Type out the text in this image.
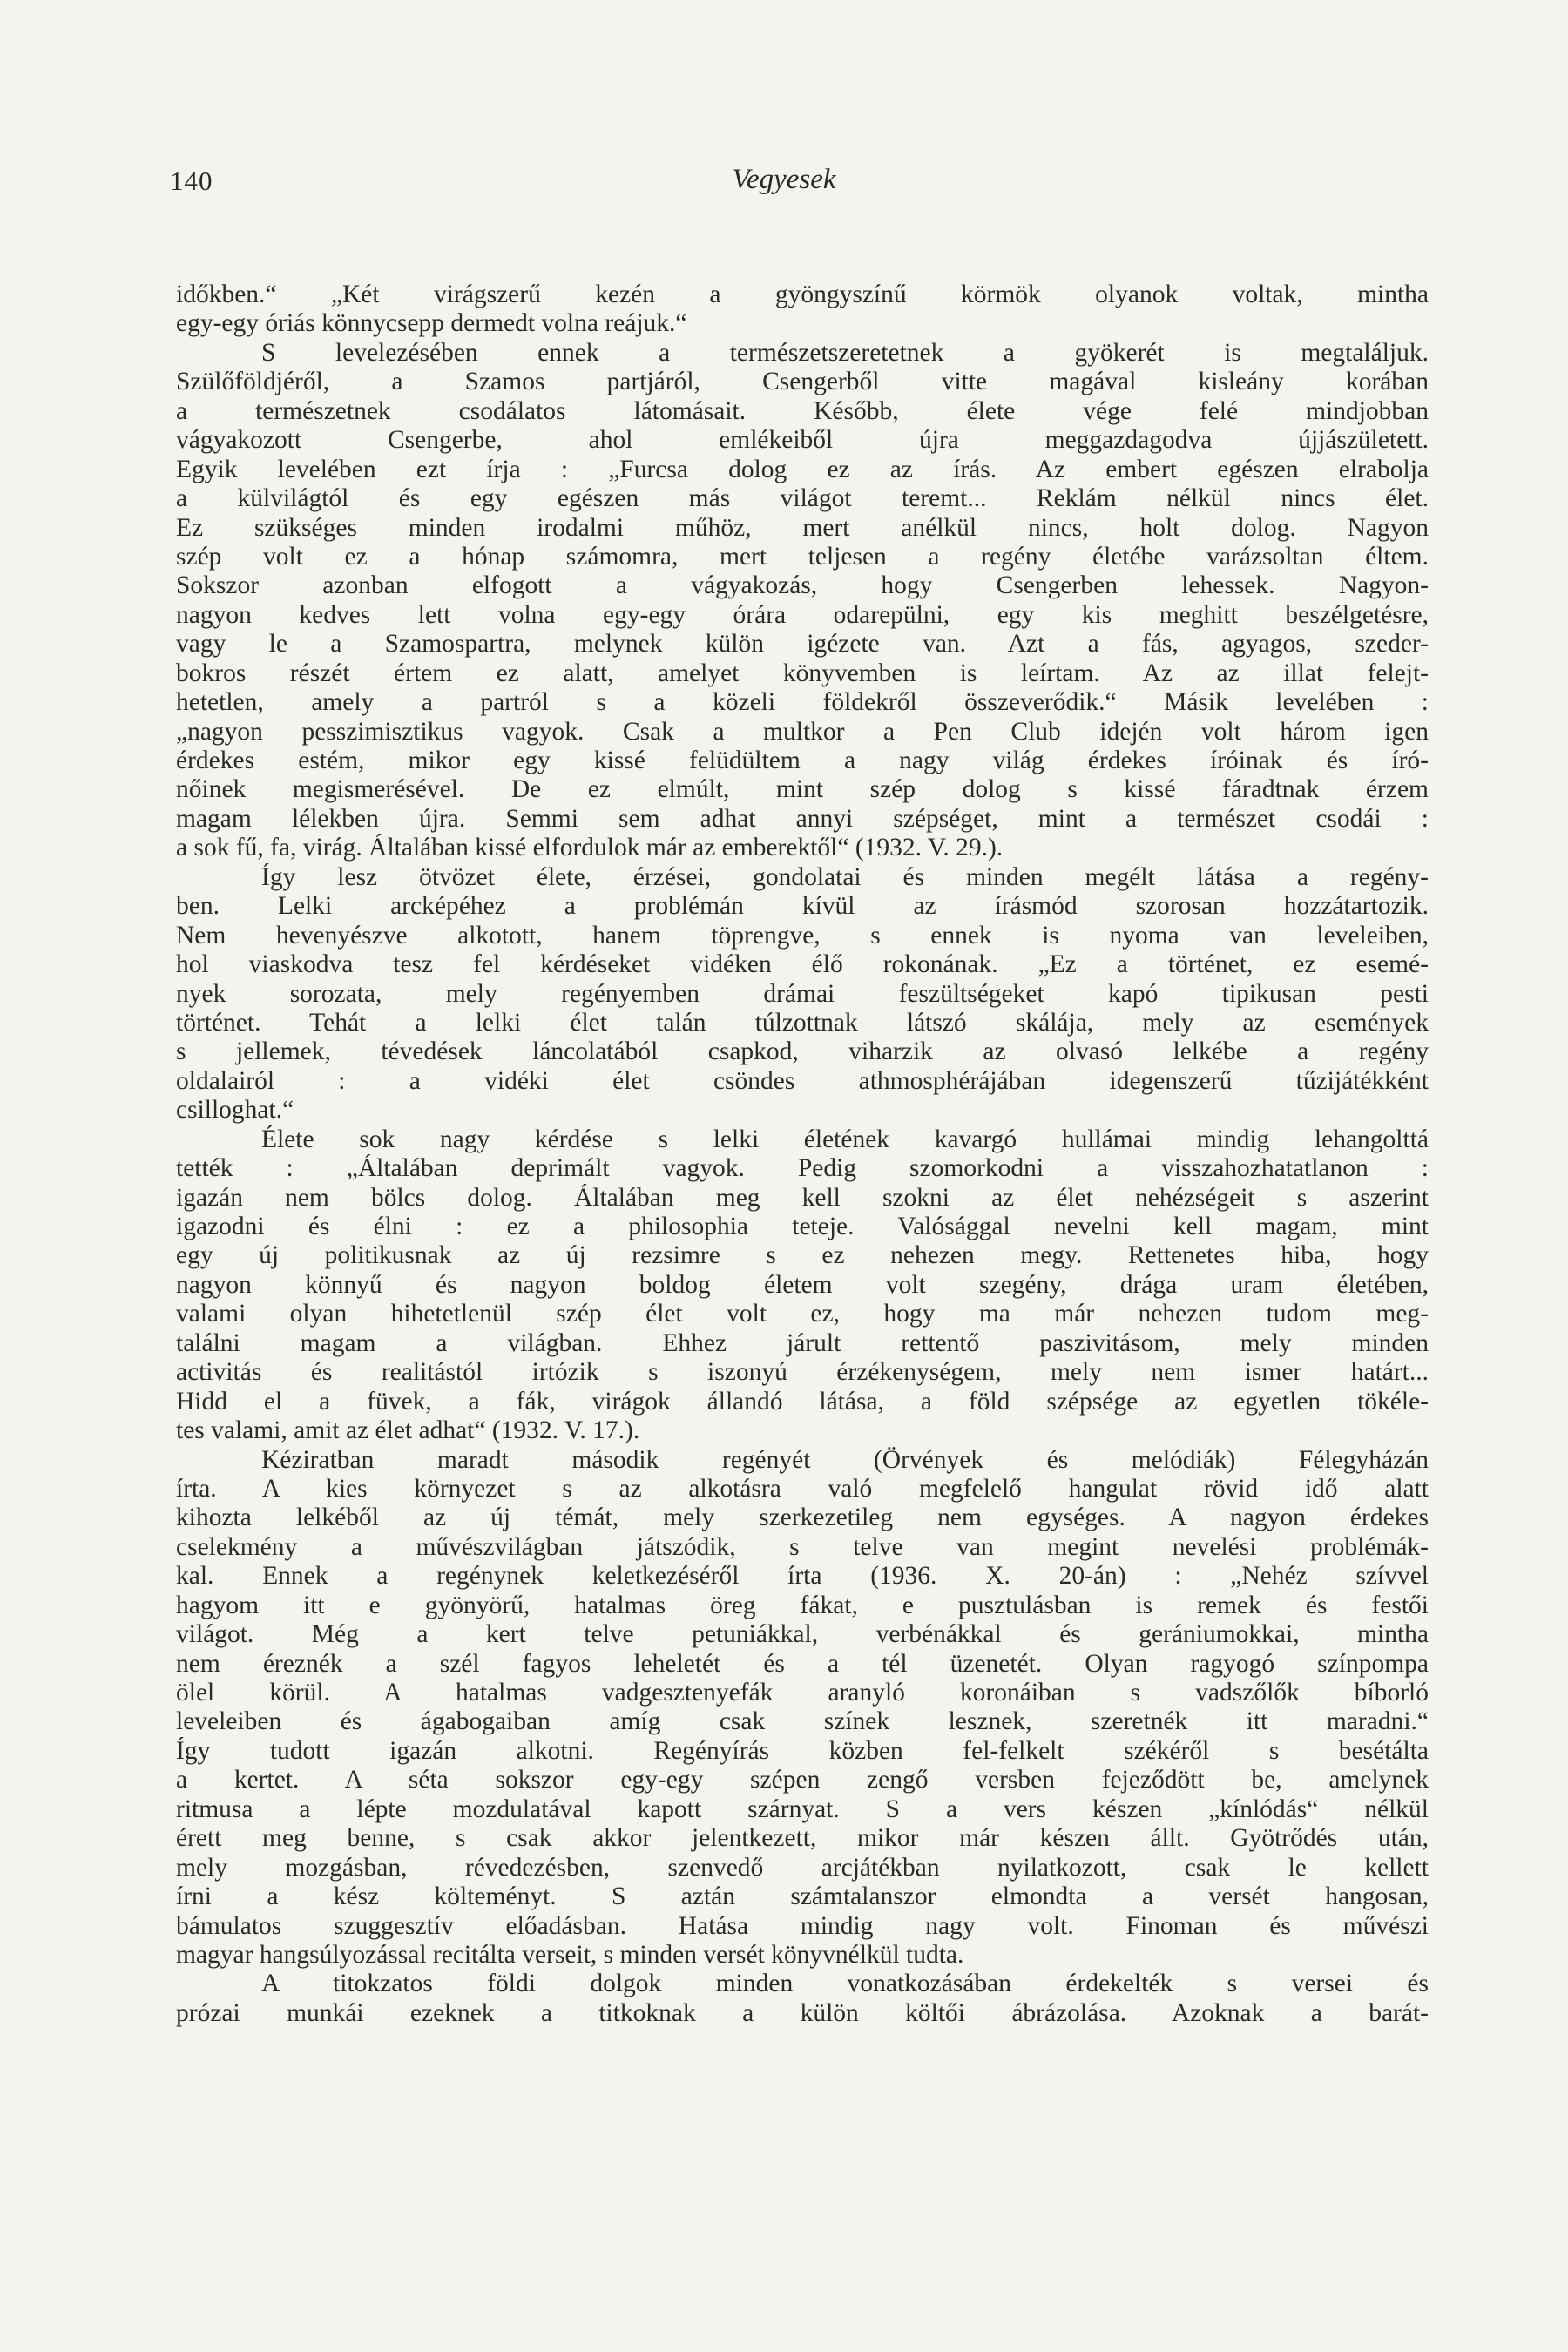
140	Vegyesek
időkben.“ „Két virágszerű kezén a gyöngyszínű körmök olyanok voltak, mintha
egy-egy óriás könnycsepp dermedt volna reájuk.“
S levelezésében ennek a természetszeretetnek a gyökerét is megtaláljuk.
Szülőföldjéről, a Szamos partjáról, Csengerből vitte magával kisleány korában
a természetnek csodálatos látomásait. Később, élete vége felé mindjobban
vágyakozott Csengerbe, ahol emlékeiből újra meggazdagodva újjászületett.
Egyik levelében ezt írja : „Furcsa dolog ez az írás. Az embert egészen elrabolja
a külvilágtól és egy egészen más világot teremt... Reklám nélkül nincs élet.
Ez szükséges minden irodalmi műhöz, mert anélkül nincs, holt dolog. Nagyon
szép volt ez a hónap számomra, mert teljesen a regény életébe varázsoltan éltem.
Sokszor azonban elfogott a vágyakozás, hogy Csengerben lehessek. Nagyon-
nagyon kedves lett volna egy-egy órára odarepülni, egy kis meghitt beszélgetésre,
vagy le a Szamospartra, melynek külön igézete van. Azt a fás, agyagos, szeder-
bokros részét értem ez alatt, amelyet könyvemben is leírtam. Az az illat felejt-
hetetlen, amely a partról s a közeli földekről összeverődik.“ Másik levelében :
„nagyon pesszimisztikus vagyok. Csak a multkor a Pen Club idején volt három igen
érdekes estém, mikor egy kissé felüdültem a nagy világ érdekes íróinak és író-
nőinek megismerésével. De ez elmúlt, mint szép dolog s kissé fáradtnak érzem
magam lélekben újra. Semmi sem adhat annyi szépséget, mint a természet csodái :
a sok fű, fa, virág. Általában kissé elfordulok már az emberektől“ (1932. V. 29.).
Így lesz ötvözet élete, érzései, gondolatai és minden megélt látása a regény-
ben. Lelki arcképéhez a problémán kívül az írásmód szorosan hozzátartozik.
Nem hevenyészve alkotott, hanem töprengve, s ennek is nyoma van leveleiben,
hol viaskodva tesz fel kérdéseket vidéken élő rokonának. „Ez a történet, ez esemé-
nyek sorozata, mely regényemben drámai feszültségeket kapó tipikusan pesti
történet. Tehát a lelki élet talán túlzottnak látszó skálája, mely az események
s jellemek, tévedések láncolatából csapkod, viharzik az olvasó lelkébe a regény
oldalairól : a vidéki élet csöndes athmosphérájában idegenszerű tűzijátékként
csilloghat.“
Élete sok nagy kérdése s lelki életének kavargó hullámai mindig lehangolttá
tették : „Általában deprimált vagyok. Pedig szomorkodni a visszahozhatatlanon :
igazán nem bölcs dolog. Általában meg kell szokni az élet nehézségeit s aszerint
igazodni és élni : ez a philosophia teteje. Valósággal nevelni kell magam, mint
egy új politikusnak az új rezsimre s ez nehezen megy. Rettenetes hiba, hogy
nagyon könnyű és nagyon boldog életem volt szegény, drága uram életében,
valami olyan hihetetlenül szép élet volt ez, hogy ma már nehezen tudom meg-
találni magam a világban. Ehhez járult rettentő paszivitásom, mely minden
activitás és realitástól irtózik s iszonyú érzékenységem, mely nem ismer határt...
Hidd el a füvek, a fák, virágok állandó látása, a föld szépsége az egyetlen tökéle-
tes valami, amit az élet adhat“ (1932. V. 17.).
Kéziratban maradt második regényét (Örvények és melódiák) Félegyházán
írta. A kies környezet s az alkotásra való megfelelő hangulat rövid idő alatt
kihozta lelkéből az új témát, mely szerkezetileg nem egységes. A nagyon érdekes
cselekmény a művészvilágban játszódik, s telve van megint nevelési problémák-
kal. Ennek a regénynek keletkezéséről írta (1936. X. 20-án) : „Nehéz szívvel
hagyom itt e gyönyörű, hatalmas öreg fákat, e pusztulásban is remek és festői
világot. Még a kert telve petuniákkal, verbénákkal és gerániumokkai, mintha
nem éreznék a szél fagyos leheletét és a tél üzenetét. Olyan ragyogó színpompa
ölel körül. A hatalmas vadgesztenyefák aranyló koronáiban s vadszőlők bíborló
leveleiben és ágabogaiban amíg csak színek lesznek, szeretnék itt maradni.“
Így tudott igazán alkotni. Regényírás közben fel-felkelt székéről s besétálta
a kertet. A séta sokszor egy-egy szépen zengő versben fejeződött be, amelynek
ritmusa a lépte mozdulatával kapott szárnyat. S a vers készen „kínlódás“ nélkül
érett meg benne, s csak akkor jelentkezett, mikor már készen állt. Gyötrődés után,
mely mozgásban, révedezésben, szenvedő arcjátékban nyilatkozott, csak le kellett
írni a kész költeményt. S aztán számtalanszor elmondta a versét hangosan,
bámulatos szuggesztív előadásban. Hatása mindig nagy volt. Finoman és művészi
magyar hangsúlyozással recitálta verseit, s minden versét könyvnélkül tudta.
A titokzatos földi dolgok minden vonatkozásában érdekelték s versei és
prózai munkái ezeknek a titkoknak a külön költői ábrázolása. Azoknak a barát-
